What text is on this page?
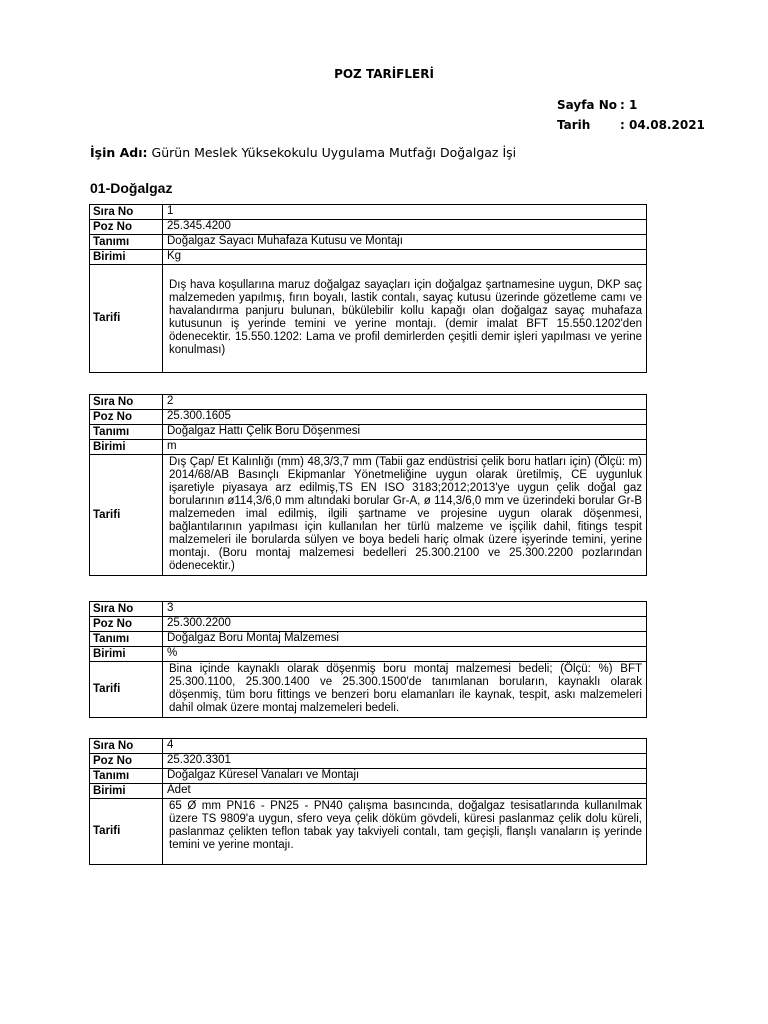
POZ TARİFLERİ
Sayfa No : 1
Tarih : 04.08.2021
İşin Adı: Gürün Meslek Yüksekokulu Uygulama Mutfağı Doğalgaz İşi
01-Doğalgaz
Sıra No	1
Poz No	25.345.4200
Tanımı	Doğalgaz Sayacı Muhafaza Kutusu ve Montajı
Birimi	Kg
Tarifi	Dış hava koşullarına maruz doğalgaz sayaçları için doğalgaz şartnamesine uygun, DKP saç malzemeden yapılmış, fırın boyalı, lastik contalı, sayaç kutusu üzerinde gözetleme camı ve havalandırma panjuru bulunan, bükülebilir kollu kapağı olan doğalgaz sayaç muhafaza kutusunun iş yerinde temini ve yerine montajı. (demir imalat BFT 15.550.1202'den ödenecektir. 15.550.1202: Lama ve profil demirlerden çeşitli demir işleri yapılması ve yerine konulması)
Sıra No	2
Poz No	25.300.1605
Tanımı	Doğalgaz Hattı Çelik Boru Döşenmesi
Birimi	m
Tarifi	Dış Çap/ Et Kalınlığı (mm) 48,3/3,7 mm (Tabii gaz endüstrisi çelik boru hatları için) (Ölçü: m) 2014/68/AB Basınçlı Ekipmanlar Yönetmeliğine uygun olarak üretilmiş, CE uygunluk işaretiyle piyasaya arz edilmiş,TS EN ISO 3183;2012;2013'ye uygun çelik doğal gaz borularının ø114,3/6,0 mm altındaki borular Gr-A, ø 114,3/6,0 mm ve üzerindeki borular Gr-B malzemeden imal edilmiş, ilgili şartname ve projesine uygun olarak döşenmesi, bağlantılarının yapılması için kullanılan her türlü malzeme ve işçilik dahil, fitings tespit malzemeleri ile borularda sülyen ve boya bedeli hariç olmak üzere işyerinde temini, yerine montajı. (Boru montaj malzemesi bedelleri 25.300.2100 ve 25.300.2200 pozlarından ödenecektir.)
Sıra No	3
Poz No	25.300.2200
Tanımı	Doğalgaz Boru Montaj Malzemesi
Birimi	%
Tarifi	Bina içinde kaynaklı olarak döşenmiş boru montaj malzemesi bedeli; (Ölçü: %) BFT 25.300.1100, 25.300.1400 ve 25.300.1500'de tanımlanan boruların, kaynaklı olarak döşenmiş, tüm boru fittings ve benzeri boru elamanları ile kaynak, tespit, askı malzemeleri dahil olmak üzere montaj malzemeleri bedeli.
Sıra No	4
Poz No	25.320.3301
Tanımı	Doğalgaz Küresel Vanaları ve Montajı
Birimi	Adet
Tarifi	65 Ø mm PN16 - PN25 - PN40 çalışma basıncında, doğalgaz tesisatlarında kullanılmak üzere TS 9809'a uygun, sfero veya çelik döküm gövdeli, küresi paslanmaz çelik dolu küreli, paslanmaz çelikten teflon tabak yay takviyeli contalı, tam geçişli, flanşlı vanaların iş yerinde temini ve yerine montajı.
